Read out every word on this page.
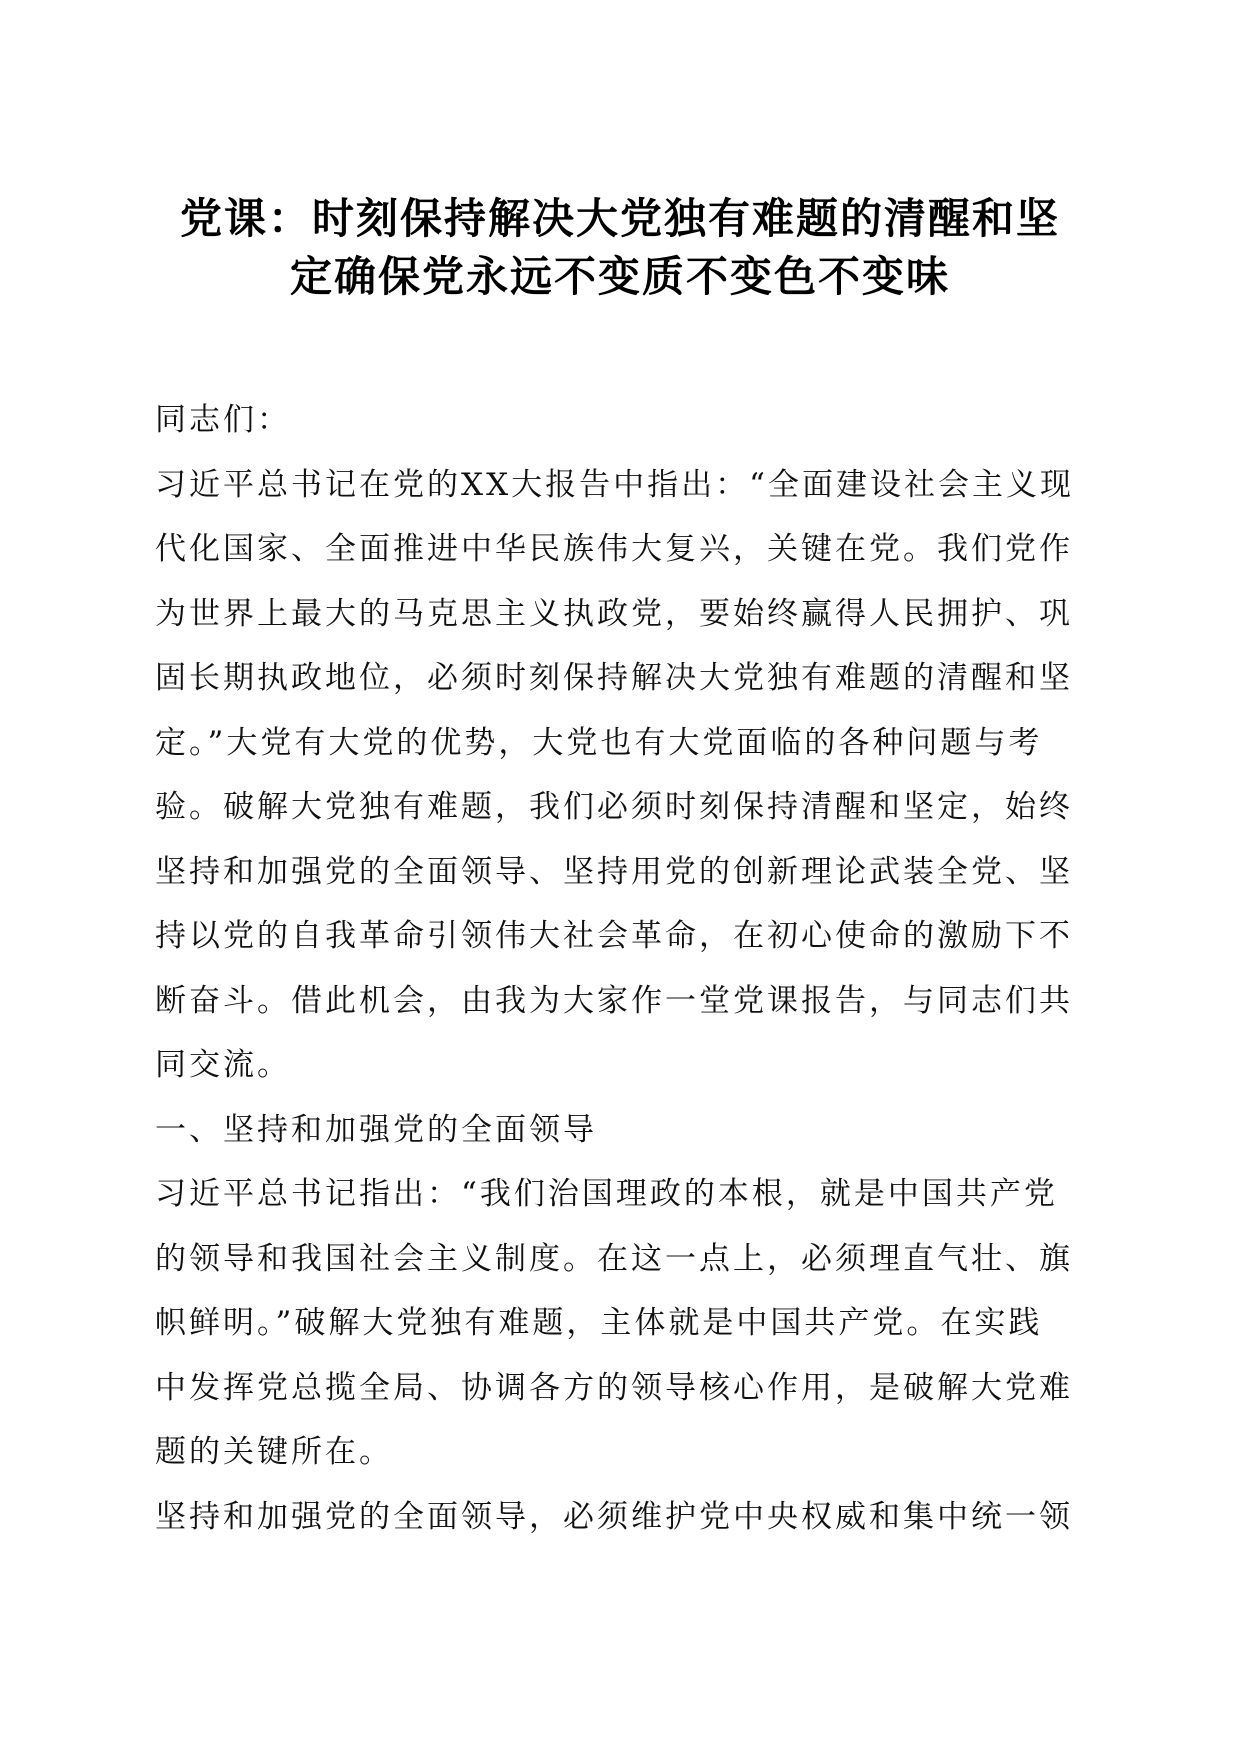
党课：时刻保持解决大党独有难题的清醒和坚
定确保党永远不变质不变色不变味
同志们：
习近平总书记在党的XX大报告中指出：“全面建设社会主义现
代化国家、全面推进中华民族伟大复兴，关键在党。我们党作
为世界上最大的马克思主义执政党，要始终赢得人民拥护、巩
固长期执政地位，必须时刻保持解决大党独有难题的清醒和坚
定。”大党有大党的优势，大党也有大党面临的各种问题与考
验。破解大党独有难题，我们必须时刻保持清醒和坚定，始终
坚持和加强党的全面领导、坚持用党的创新理论武装全党、坚
持以党的自我革命引领伟大社会革命，在初心使命的激励下不
断奋斗。借此机会，由我为大家作一堂党课报告，与同志们共
同交流。
一、坚持和加强党的全面领导
习近平总书记指出：“我们治国理政的本根，就是中国共产党
的领导和我国社会主义制度。在这一点上，必须理直气壮、旗
帜鲜明。”破解大党独有难题，主体就是中国共产党。在实践
中发挥党总揽全局、协调各方的领导核心作用，是破解大党难
题的关键所在。
坚持和加强党的全面领导，必须维护党中央权威和集中统一领
